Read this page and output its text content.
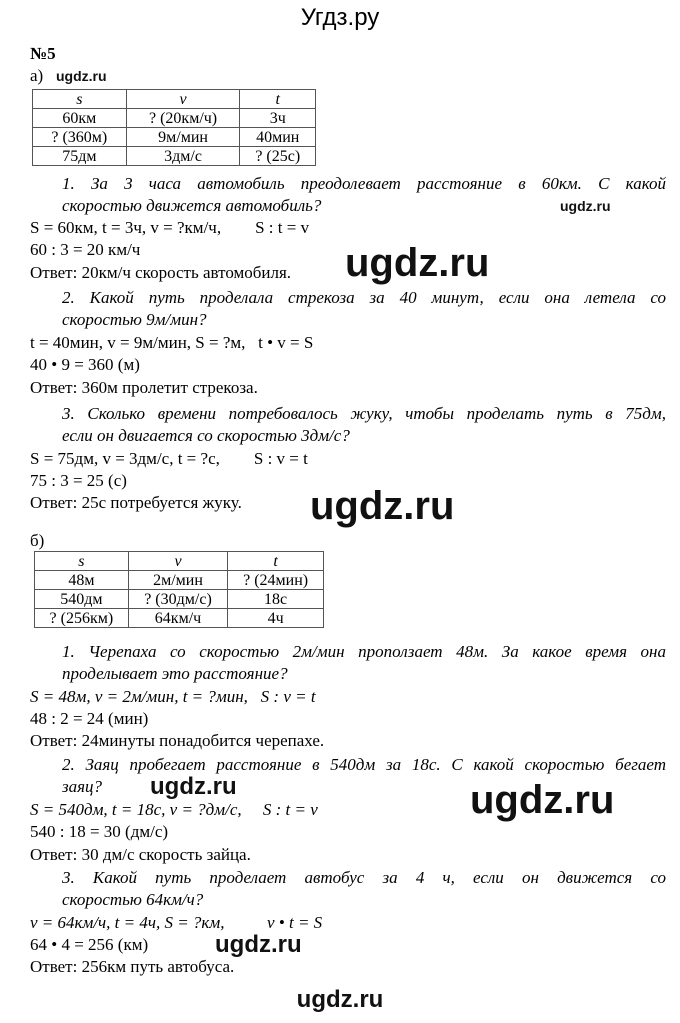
Угдз.ру
№5
а) ugdz.ru
s	v	t
60км	? (20км/ч)	3ч
? (360м)	9м/мин	40мин
75дм	3дм/с	? (25с)
1. За 3 часа автомобиль преодолевает расстояние в 60км. С какой
скоростью движется автомобиль?	ugdz.ru
S = 60км, t = 3ч, v = ?км/ч,        S : t = v
60 : 3 = 20 км/ч
Ответ: 20км/ч скорость автомобиля. ugdz.ru
2. Какой путь проделала стрекоза за 40 минут, если она летела со
скоростью 9м/мин?
t = 40мин, v = 9м/мин, S = ?м,   t • v = S
40 • 9 = 360 (м)
Ответ: 360м пролетит стрекоза.
3. Сколько времени потребовалось жуку, чтобы проделать путь в 75дм,
если он двигается со скоростью 3дм/с?
S = 75дм, v = 3дм/с, t = ?с,        S : v = t
75 : 3 = 25 (с)
Ответ: 25с потребуется жуку. ugdz.ru
б)
s	v	t
48м	2м/мин	? (24мин)
540дм	? (30дм/с)	18с
? (256км)	64км/ч	4ч
1. Черепаха со скоростью 2м/мин проползает 48м. За какое время она
проделывает это расстояние?
S = 48м, v = 2м/мин, t = ?мин,   S : v = t
48 : 2 = 24 (мин)
Ответ: 24минуты понадобится черепахе.
2. Заяц пробегает расстояние в 540дм за 18с. С какой скоростью бегает
заяц? ugdz.ru	ugdz.ru
S = 540дм, t = 18с, v = ?дм/с,     S : t = v
540 : 18 = 30 (дм/с)
Ответ: 30 дм/с скорость зайца.
3. Какой путь проделает автобус за 4 ч, если он движется со
скоростью 64км/ч?
v = 64км/ч, t = 4ч, S = ?км,          v • t = S
64 • 4 = 256 (км)	ugdz.ru
Ответ: 256км путь автобуса.
ugdz.ru
